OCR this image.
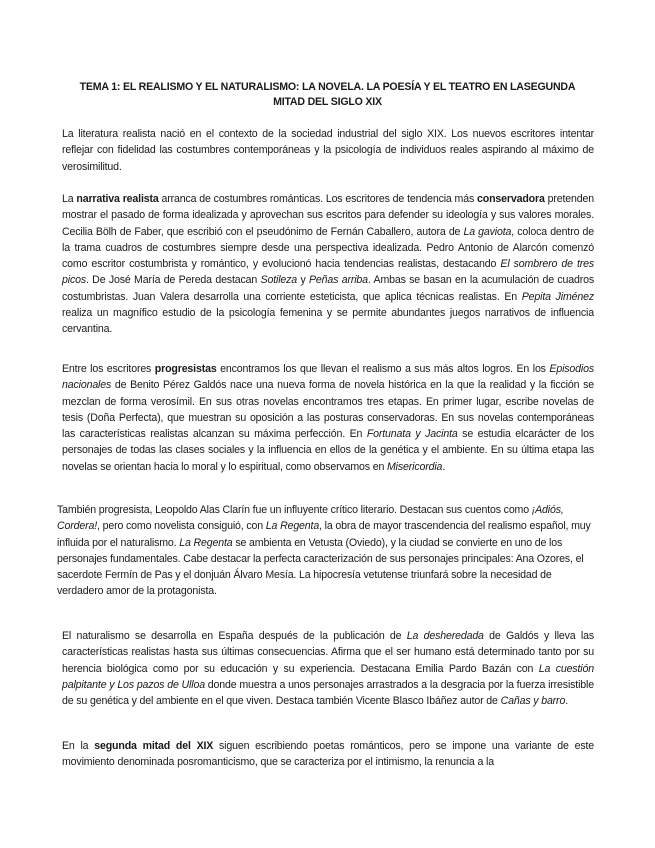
TEMA 1: EL REALISMO Y EL NATURALISMO: LA NOVELA. LA POESÍA Y EL TEATRO EN LASEGUNDA
MITAD DEL SIGLO XIX
La literatura realista nació en el contexto de la sociedad industrial del siglo XIX. Los nuevos escritores intentar reflejar con fidelidad las costumbres contemporáneas y la psicología de individuos reales aspirando al máximo de verosimilitud.
La narrativa realista arranca de costumbres románticas. Los escritores de tendencia más conservadora pretenden mostrar el pasado de forma idealizada y aprovechan sus escritos para defender su ideología y sus valores morales. Cecilia Bölh de Faber, que escribió con el pseudónimo de Fernán Caballero, autora de La gaviota, coloca dentro de la trama cuadros de costumbres siempre desde una perspectiva idealizada. Pedro Antonio de Alarcón comenzó como escritor costumbrista y romántico, y evolucionó hacia tendencias realistas, destacando El sombrero de tres picos. De José María de Pereda destacan Sotileza y Peñas arriba. Ambas se basan en la acumulación de cuadros costumbristas. Juan Valera desarrolla una corriente esteticista, que aplica técnicas realistas. En Pepita Jiménez realiza un magnífico estudio de la psicología femenina y se permite abundantes juegos narrativos de influencia cervantina.
Entre los escritores progresistas encontramos los que llevan el realismo a sus más altos logros. En los Episodios nacionales de Benito Pérez Galdós nace una nueva forma de novela histórica en la que la realidad y la ficción se mezclan de forma verosímil. En sus otras novelas encontramos tres etapas. En primer lugar, escribe novelas de tesis (Doña Perfecta), que muestran su oposición a las posturas conservadoras. En sus novelas contemporáneas las características realistas alcanzan su máxima perfección. En Fortunata y Jacinta se estudia elcarácter de los personajes de todas las clases sociales y la influencia en ellos de la genética y el ambiente. En su última etapa las novelas se orientan hacia lo moral y lo espiritual, como observamos en Misericordia.
También progresista, Leopoldo Alas Clarín fue un influyente crítico literario. Destacan sus cuentos como ¡Adiós, Cordera!, pero como novelista consiguió, con La Regenta, la obra de mayor trascendencia del realismo español, muy influida por el naturalismo. La Regenta se ambienta en Vetusta (Oviedo), y la ciudad se convierte en uno de los personajes fundamentales. Cabe destacar la perfecta caracterización de sus personajes principales: Ana Ozores, el sacerdote Fermín de Pas y el donjuán Álvaro Mesía. La hipocresía vetutense triunfará sobre la necesidad de verdadero amor de la protagonista.
El naturalismo se desarrolla en España después de la publicación de La desheredada de Galdós y lleva las características realistas hasta sus últimas consecuencias. Afirma que el ser humano está determinado tanto por su herencia biológica como por su educación y su experiencia. Destacana Emilia Pardo Bazán con La cuestión palpitante y Los pazos de Ulloa donde muestra a unos personajes arrastrados a la desgracia por la fuerza irresistible de su genética y del ambiente en el que viven. Destaca también Vicente Blasco Ibáñez autor de Cañas y barro.
En la segunda mitad del XIX siguen escribiendo poetas románticos, pero se impone una variante de este movimiento denominada posromanticismo, que se caracteriza por el intimismo, la renuncia a la
